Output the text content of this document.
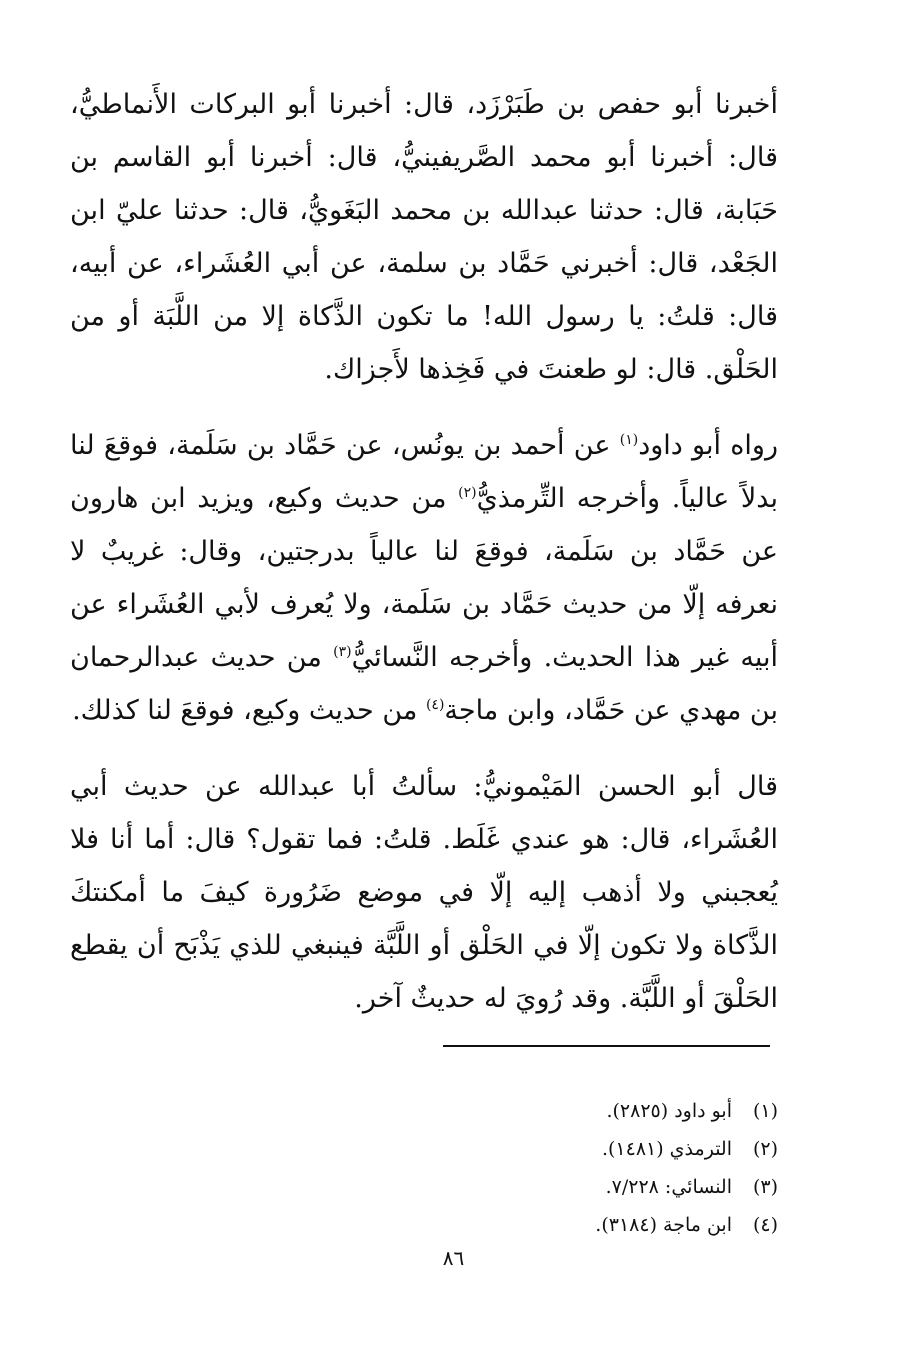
أخبرنا أبو حفص بن طَبَرْزَد، قال: أخبرنا أبو البركات الأَنماطيُّ، قال: أخبرنا أبو محمد الصَّريفينيُّ، قال: أخبرنا أبو القاسم بن حَبَابة، قال: حدثنا عبدالله بن محمد البَغَويُّ، قال: حدثنا عليّ ابن الجَعْد، قال: أخبرني حَمَّاد بن سلمة، عن أبي العُشَراء، عن أبيه، قال: قلتُ: يا رسول الله! ما تكون الذَّكاة إلا من اللَّبَة أو من الحَلْق. قال: لو طعنتَ في فَخِذها لأَجزاك.

رواه أبو داود$^{(١)}$ عن أحمد بن يونُس، عن حَمَّاد بن سَلَمة، فوقعَ لنا بدلاً عالياً. وأخرجه التِّرمذيُّ$^{(٢)}$ من حديث وكيع، ويزيد ابن هارون عن حَمَّاد بن سَلَمة، فوقعَ لنا عالياً بدرجتين، وقال: غريبٌ لا نعرفه إلّا من حديث حَمَّاد بن سَلَمة، ولا يُعرف لأبي العُشَراء عن أبيه غير هذا الحديث. وأخرجه النَّسائيُّ$^{(٣)}$ من حديث عبدالرحمان بن مهدي عن حَمَّاد، وابن ماجة$^{(٤)}$ من حديث وكيع، فوقعَ لنا كذلك.

قال أبو الحسن المَيْمونيُّ: سألتُ أبا عبدالله عن حديث أبي العُشَراء، قال: هو عندي غَلَط. قلتُ: فما تقول؟ قال: أما أنا فلا يُعجبني ولا أذهب إليه إلّا في موضع ضَرُورة كيفَ ما أمكنتكَ الذَّكاة ولا تكون إلّا في الحَلْق أو اللَّبَّة فينبغي للذي يَذْبَح أن يقطع الحَلْقَ أو اللَّبَّة. وقد رُويَ له حديثٌ آخر.

(١)أبو داود (٢٨٢٥).
(٢)الترمذي (١٤٨١).
(٣)النسائي: ٧/٢٢٨.
(٤)ابن ماجة (٣١٨٤).
٨٦
